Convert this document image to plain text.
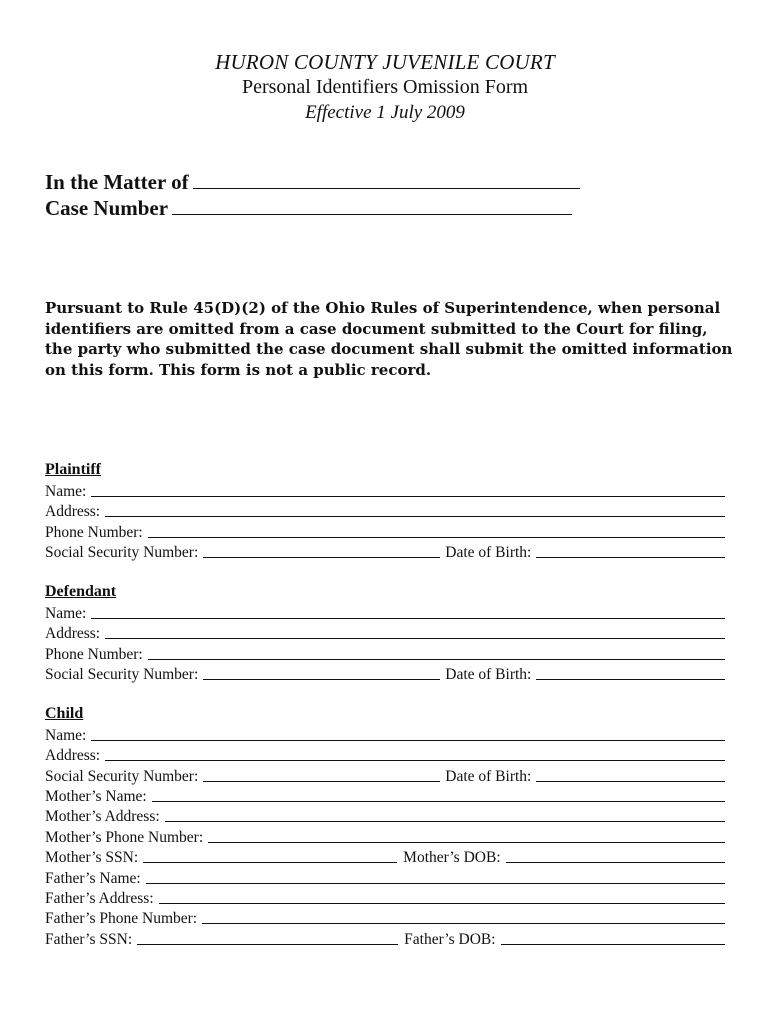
HURON COUNTY JUVENILE COURT
Personal Identifiers Omission Form
Effective 1 July 2009
In the Matter of
Case Number
Pursuant to Rule 45(D)(2) of the Ohio Rules of Superintendence, when personal identifiers are omitted from a case document submitted to the Court for filing, the party who submitted the case document shall submit the omitted information on this form. This form is not a public record.
Plaintiff
Name:
Address:
Phone Number:
Social Security Number:	Date of Birth:
Defendant
Name:
Address:
Phone Number:
Social Security Number:	Date of Birth:
Child
Name:
Address:
Social Security Number:	Date of Birth:
Mother’s Name:
Mother’s Address:
Mother’s Phone Number:
Mother’s SSN:	Mother’s DOB:
Father’s Name:
Father’s Address:
Father’s Phone Number:
Father’s SSN:	Father’s DOB:
